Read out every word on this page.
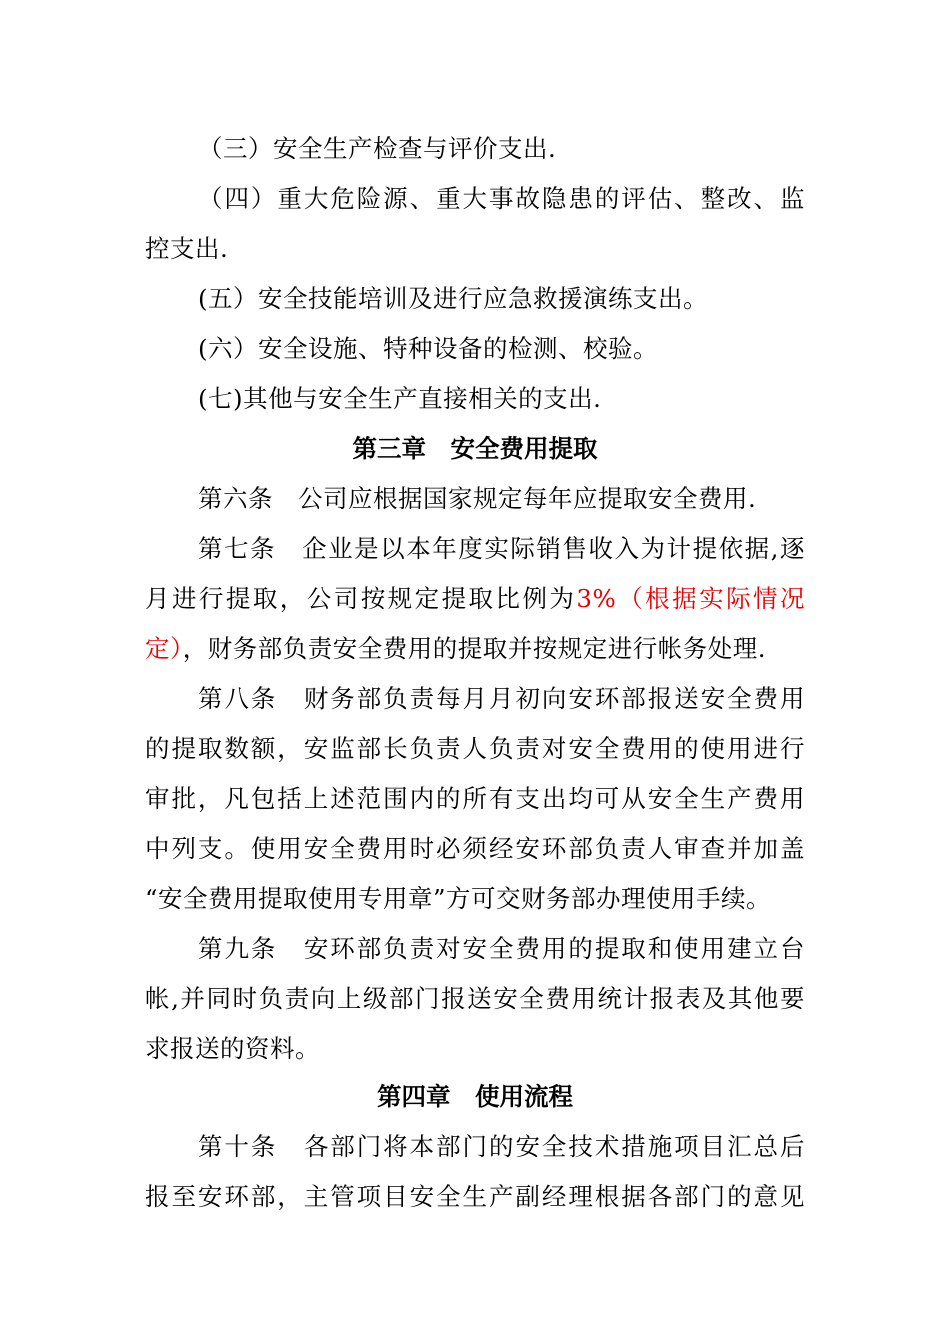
（三）安全生产检查与评价支出.
（四）重大危险源、重大事故隐患的评估、整改、监
控支出.
(五）安全技能培训及进行应急救援演练支出。
(六）安全设施、特种设备的检测、校验。
(七)其他与安全生产直接相关的支出.
第三章　安全费用提取
第六条　公司应根据国家规定每年应提取安全费用.
第七条　企业是以本年度实际销售收入为计提依据,逐
月进行提取，公司按规定提取比例为3%（根据实际情况
定），财务部负责安全费用的提取并按规定进行帐务处理.
第八条　财务部负责每月月初向安环部报送安全费用
的提取数额，安监部长负责人负责对安全费用的使用进行
审批，凡包括上述范围内的所有支出均可从安全生产费用
中列支。使用安全费用时必须经安环部负责人审查并加盖
“安全费用提取使用专用章”方可交财务部办理使用手续。
第九条　安环部负责对安全费用的提取和使用建立台
帐,并同时负责向上级部门报送安全费用统计报表及其他要
求报送的资料。
第四章　使用流程
第十条　各部门将本部门的安全技术措施项目汇总后
报至安环部，主管项目安全生产副经理根据各部门的意见
